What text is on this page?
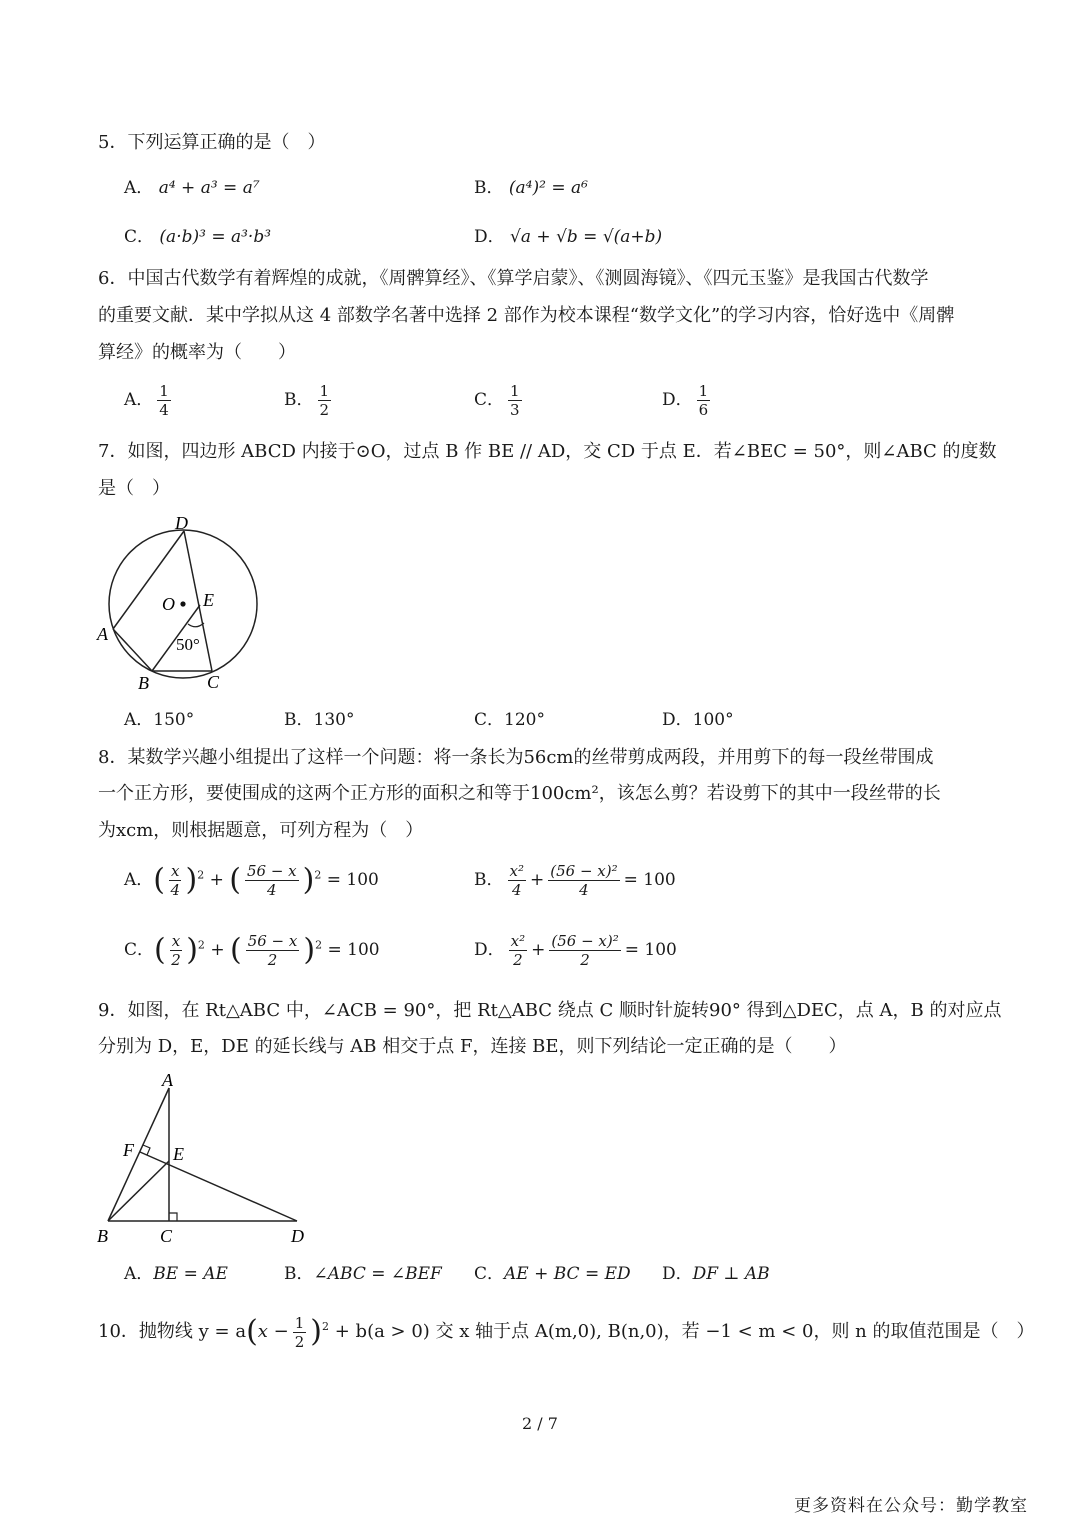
5．下列运算正确的是（　）
A． a⁴ + a³ = a⁷	B． (a⁴)² = a⁶
C． (a·b)³ = a³·b³	D． √a + √b = √(a+b)
6．中国古代数学有着辉煌的成就，《周髀算经》、《算学启蒙》、《测圆海镜》、《四元玉鉴》是我国古代数学
的重要文献．某中学拟从这 4 部数学名著中选择 2 部作为校本课程“数学文化”的学习内容，恰好选中《周髀
算经》的概率为（　　）
A． $\frac{1}{4}$	B． $\frac{1}{2}$	C． $\frac{1}{3}$	D． $\frac{1}{6}$
7．如图，四边形 ABCD 内接于⊙O，过点 B 作 BE // AD，交 CD 于点 E．若∠BEC = 50°，则∠ABC 的度数
是（　）
D
O E
A
B	C
50°
A．150°	B．130°	C．120°	D．100°
8．某数学兴趣小组提出了这样一个问题：将一条长为56cm的丝带剪成两段，并用剪下的每一段丝带围成
一个正方形，要使围成的这两个正方形的面积之和等于100cm²，该怎么剪？若设剪下的其中一段丝带的长
为xcm，则根据题意，可列方程为（　）
A．( $\frac{x}{4} )^2$ + ( $\frac{56 - x}{4} )^2 = 100$	B． $\frac{\text{x²}}{4} + \frac{\text{(56 − x)²}}{4} = 100$
C．( $\frac{x}{2} )^2$ + ( $\frac{56 - x}{2} )^2 = 100$	D． $\frac{\text{x²}}{2} + \frac{\text{(56 − x)²}}{2} = 100$
9．如图，在 Rt△ABC 中，∠ACB = 90°，把 Rt△ABC 绕点 C 顺时针旋转90° 得到△DEC，点 A，B 的对应点
分别为 D，E，DE 的延长线与 AB 相交于点 F，连接 BE，则下列结论一定正确的是（　　）
A
F E
B	C	D
A．BE = AE	B．∠ABC = ∠BEF C．AE + BC = ED D．DF ⊥ AB
10．抛物线 $y = a(x - \frac{1}{2} )^2 + b(a > 0)$ 交 x 轴于点 A(m,0), B(n,0)，若 −1 < m < 0，则 n 的取值范围是（　）
2 / 7
更多资料在公众号：勤学教室
